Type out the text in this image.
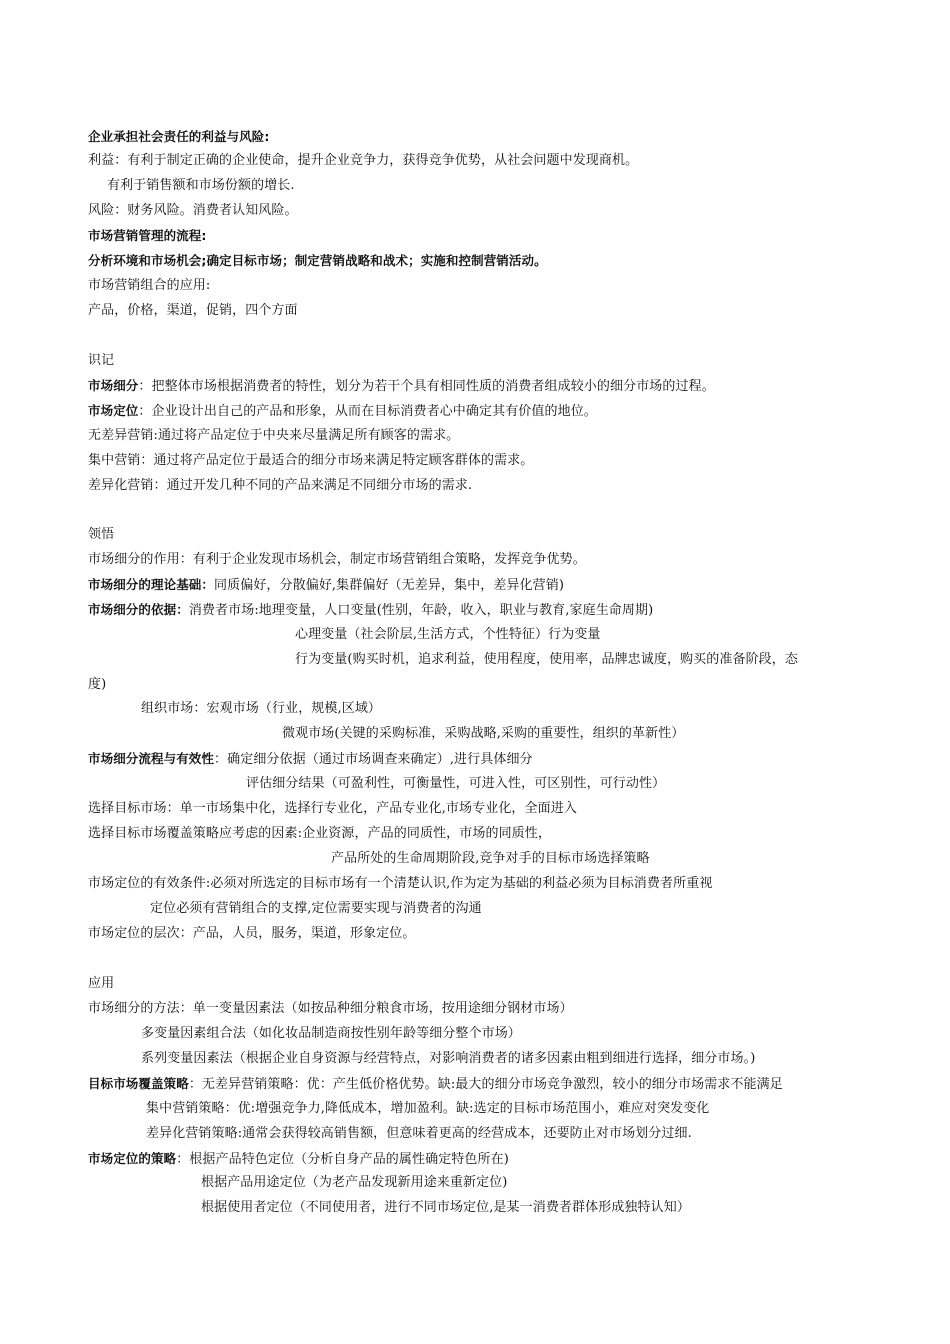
企业承担社会责任的利益与风险:
利益：有利于制定正确的企业使命，提升企业竞争力，获得竞争优势，从社会问题中发现商机。
有利于销售额和市场份额的增长.
风险：财务风险。消费者认知风险。
市场营销管理的流程:
分析环境和市场机会;确定目标市场；制定营销战略和战术；实施和控制营销活动。
市场营销组合的应用:
产品，价格，渠道，促销，四个方面
识记
市场细分：把整体市场根据消费者的特性，划分为若干个具有相同性质的消费者组成较小的细分市场的过程。
市场定位：企业设计出自己的产品和形象，从而在目标消费者心中确定其有价值的地位。
无差异营销:通过将产品定位于中央来尽量满足所有顾客的需求。
集中营销：通过将产品定位于最适合的细分市场来满足特定顾客群体的需求。
差异化营销：通过开发几种不同的产品来满足不同细分市场的需求.
领悟
市场细分的作用：有利于企业发现市场机会，制定市场营销组合策略，发挥竞争优势。
市场细分的理论基础：同质偏好，分散偏好,集群偏好（无差异，集中，差异化营销)
市场细分的依据：消费者市场:地理变量，人口变量(性别，年龄，收入，职业与教育,家庭生命周期)
心理变量（社会阶层,生活方式，个性特征）行为变量
行为变量(购买时机，追求利益，使用程度，使用率，品牌忠诚度，购买的准备阶段，态
度)
组织市场：宏观市场（行业，规模,区域）
微观市场(关键的采购标准，采购战略,采购的重要性，组织的革新性）
市场细分流程与有效性：确定细分依据（通过市场调查来确定）,进行具体细分
评估细分结果（可盈利性，可衡量性，可进入性，可区别性，可行动性）
选择目标市场：单一市场集中化，选择行专业化，产品专业化,市场专业化，全面进入
选择目标市场覆盖策略应考虑的因素:企业资源，产品的同质性，市场的同质性，
产品所处的生命周期阶段,竞争对手的目标市场选择策略
市场定位的有效条件:必须对所选定的目标市场有一个清楚认识,作为定为基础的利益必须为目标消费者所重视
定位必须有营销组合的支撑,定位需要实现与消费者的沟通
市场定位的层次：产品，人员，服务，渠道，形象定位。
应用
市场细分的方法：单一变量因素法（如按品种细分粮食市场，按用途细分钢材市场）
多变量因素组合法（如化妆品制造商按性别年龄等细分整个市场）
系列变量因素法（根据企业自身资源与经营特点，对影响消费者的诸多因素由粗到细进行选择，细分市场。)
目标市场覆盖策略：无差异营销策略：优：产生低价格优势。缺:最大的细分市场竞争激烈，较小的细分市场需求不能满足
集中营销策略：优:增强竞争力,降低成本，增加盈利。缺:选定的目标市场范围小，难应对突发变化
差异化营销策略:通常会获得较高销售额，但意味着更高的经营成本，还要防止对市场划分过细.
市场定位的策略：根据产品特色定位（分析自身产品的属性确定特色所在)
根据产品用途定位（为老产品发现新用途来重新定位)
根据使用者定位（不同使用者，进行不同市场定位,是某一消费者群体形成独特认知）
